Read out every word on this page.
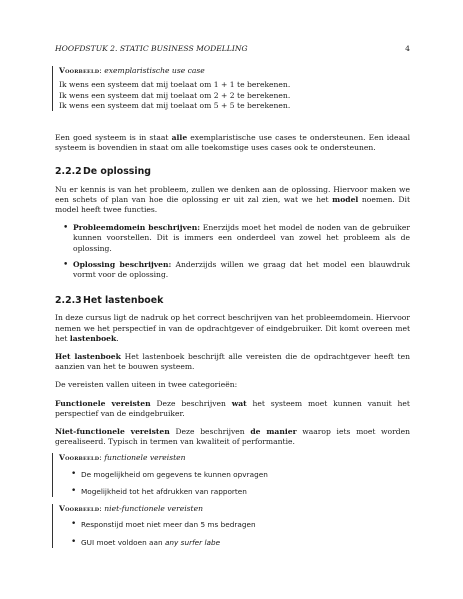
HOOFDSTUK 2. STATIC BUSINESS MODELLING	4
Voorbeeld: exemplaristische use case
Ik wens een systeem dat mij toelaat om 1 + 1 te berekenen.
Ik wens een systeem dat mij toelaat om 2 + 2 te berekenen.
Ik wens een systeem dat mij toelaat om 5 + 5 te berekenen.

Een goed systeem is in staat alle exemplaristische use cases te ondersteunen. Een ideaal systeem is bovendien in staat om alle toekomstige uses cases ook te ondersteunen.

2.2.2De oplossing

Nu er kennis is van het probleem, zullen we denken aan de oplossing. Hiervoor maken we een schets of plan van hoe die oplossing er uit zal zien, wat we het model noemen. Dit model heeft twee functies.

• Probleemdomein beschrijven: Enerzijds moet het model de noden van de gebruiker kunnen voorstellen. Dit is immers een onderdeel van zowel het probleem als de oplossing.
• Oplossing beschrijven: Anderzijds willen we graag dat het model een blauwdruk vormt voor de oplossing.
2.2.3Het lastenboek

In deze cursus ligt de nadruk op het correct beschrijven van het probleemdomein. Hiervoor nemen we het perspectief in van de opdrachtgever of eindgebruiker. Dit komt overeen met het lastenboek.

Het lastenboek Het lastenboek beschrijft alle vereisten die de opdrachtgever heeft ten aanzien van het te bouwen systeem.

De vereisten vallen uiteen in twee categorieën:

Functionele vereisten Deze beschrijven wat het systeem moet kunnen vanuit het perspectief van de eindgebruiker.

Niet-functionele vereisten Deze beschrijven de manier waarop iets moet worden gerealiseerd. Typisch in termen van kwaliteit of performantie.

Voorbeeld: functionele vereisten
• De mogelijkheid om gegevens te kunnen opvragen
• Mogelijkheid tot het afdrukken van rapporten
Voorbeeld: niet-functionele vereisten
• Responstijd moet niet meer dan 5 ms bedragen
• GUI moet voldoen aan any surfer labe
